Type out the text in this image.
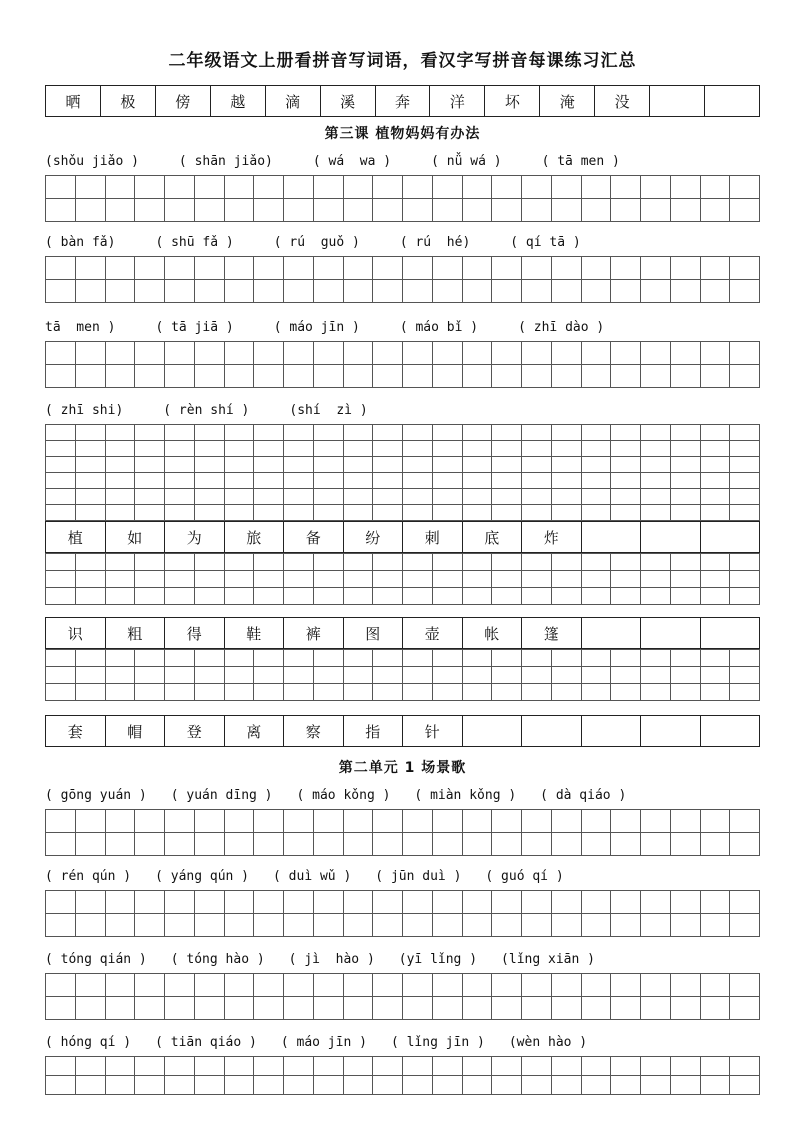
二年级语文上册看拼音写词语，看汉字写拼音每课练习汇总
晒	极	傍	越	滴	溪	奔	洋	坏	淹	没
第三课 植物妈妈有办法
(shǒu jiǎo )	( shān jiǎo)	( wá  wa )	( nǚ wá )	( tā men )
( bàn fǎ)	( shū fǎ )	( rú  guǒ )	( rú  hé)	( qí tā )
tā  men )	( tā jiā )	( máo jīn )	( máo bǐ )	( zhī dào )
( zhī shi)	( rèn shí )	(shí  zì )
植	如	为	旅	备	纷	刺	底	炸
识	粗	得	鞋	裤	图	壶	帐	篷
套	帽	登	离	察	指	针
第二单元 1 场景歌
( gōng yuán ) ( yuán dīng ) ( máo kǒng ) ( miàn kǒng ) ( dà qiáo )
( rén qún ) ( yáng qún ) ( duì wǔ ) ( jūn duì ) ( guó qí )
( tóng qián ) ( tóng hào ) ( jì  hào ) (yī lǐng ) (lǐng xiān )
( hóng qí ) ( tiān qiáo ) ( máo jīn ) ( lǐng jīn ) (wèn hào )
